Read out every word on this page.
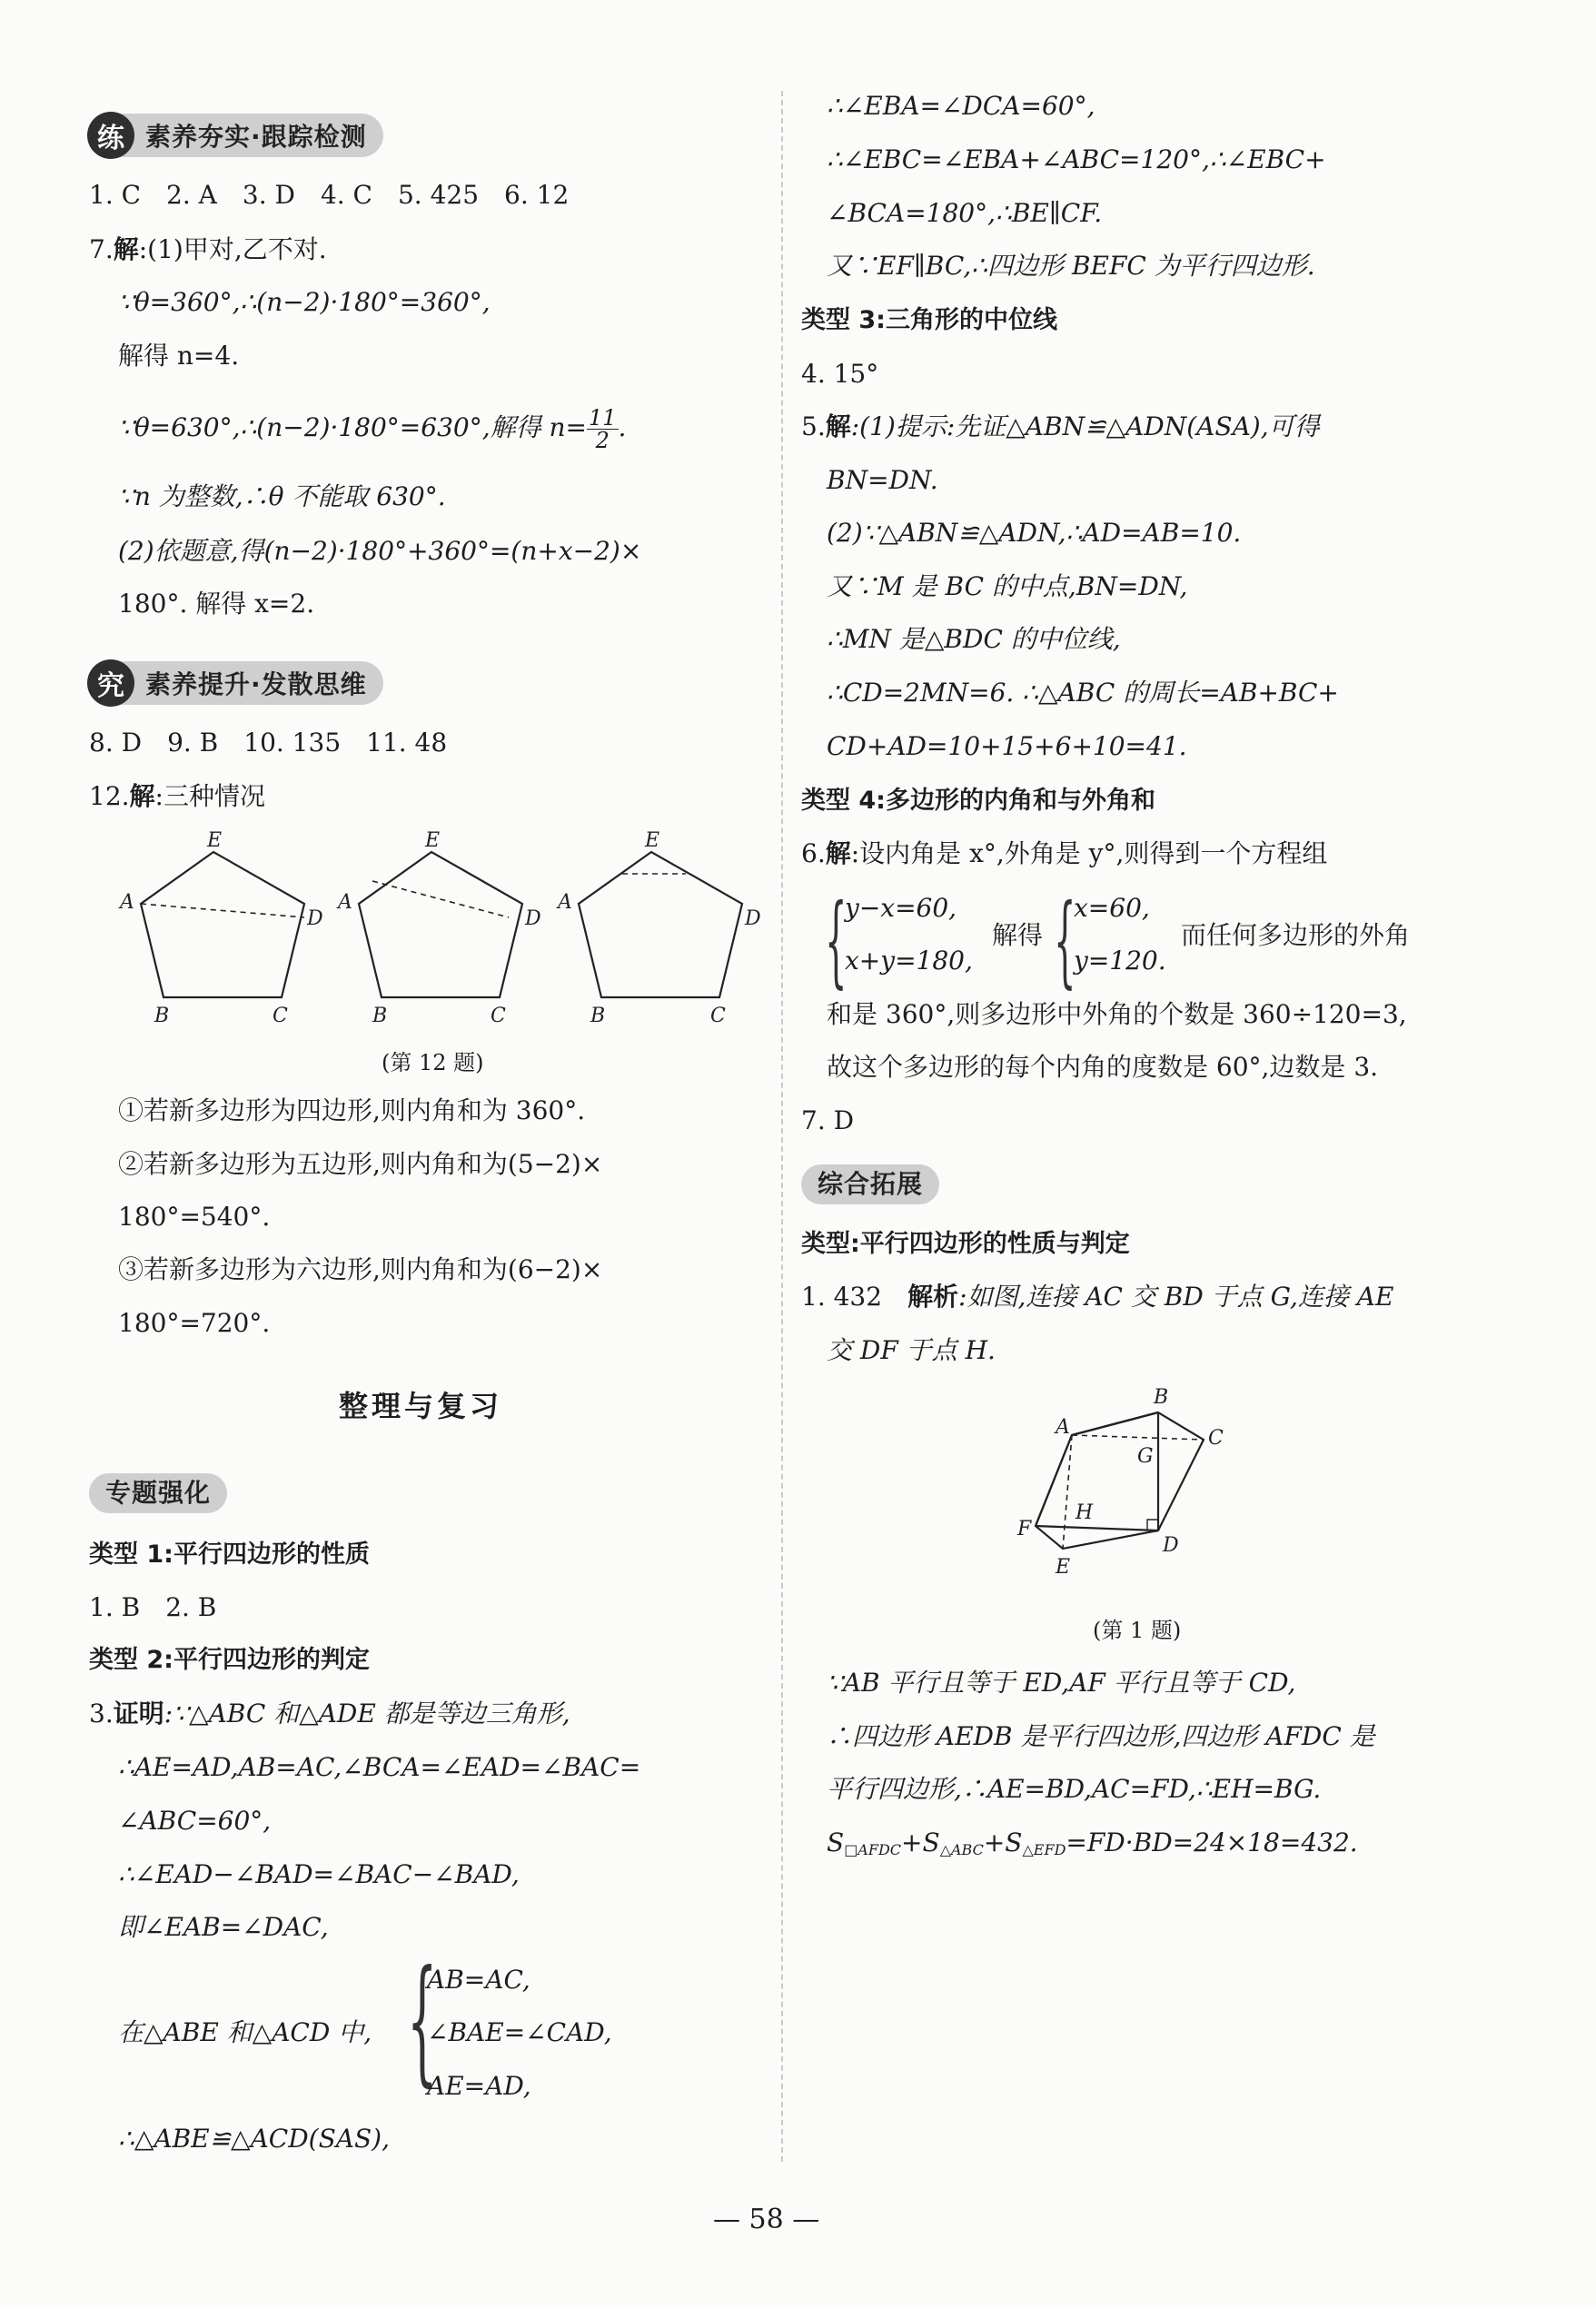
练 素养夯实·跟踪检测
1. C　2. A　3. D　4. C　5. 425　6. 12
7.解:(1)甲对,乙不对.
∵θ=360°,∴(n−2)·180°=360°,
解得 n=4.
∵θ=630°,∴(n−2)·180°=630°,解得 $n= \frac{11}{2}$ .
∵n 为整数,∴θ 不能取 630°.
(2)依题意,得(n−2)·180°+360°=(n+x−2)×
180°. 解得 x=2.
究 素养提升·发散思维
8. D　9. B　10. 135　11. 48
12.解:三种情况
E
A
D
B	C
E
A
D
B	C
E
A
D
B	C
(第 12 题)
①若新多边形为四边形,则内角和为 360°.
②若新多边形为五边形,则内角和为(5−2)×
180°=540°.
③若新多边形为六边形,则内角和为(6−2)×
180°=720°.
整理与复习
专题强化
类型 1:平行四边形的性质
1. B　2. B
类型 2:平行四边形的判定
3.证明:∵△ABC 和△ADE 都是等边三角形,
∴AE=AD,AB=AC,∠BCA=∠EAD=∠BAC=
∠ABC=60°,
∴∠EAD−∠BAD=∠BAC−∠BAD,
即∠EAB=∠DAC,
AB=AC,
在△ABE 和△ACD 中, {
∠BAE=∠CAD,
AE=AD,
∴△ABE≌△ACD(SAS),
∴∠EBA=∠DCA=60°,
∴∠EBC=∠EBA+∠ABC=120°,∴∠EBC+
∠BCA=180°,∴BE∥CF.
又∵EF∥BC,∴四边形 BEFC 为平行四边形.
类型 3:三角形的中位线
4. 15°
5.解:(1)提示:先证△ABN≌△ADN(ASA),可得
BN=DN.
(2)∵△ABN≌△ADN,∴AD=AB=10.
又∵M 是 BC 的中点,BN=DN,
∴MN 是△BDC 的中位线,
∴CD=2MN=6. ∴△ABC 的周长=AB+BC+
CD+AD=10+15+6+10=41.
类型 4:多边形的内角和与外角和
6.解:设内角是 x°,外角是 y°,则得到一个方程组
{
y−x=60,
x+y=180,
解得 {
x=60,
y=120.
而任何多边形的外角
和是 360°,则多边形中外角的个数是 360÷120=3,
故这个多边形的每个内角的度数是 60°,边数是 3.
7. D
综合拓展
类型:平行四边形的性质与判定
1. 432　 解析:如图,连接 AC 交 BD 于点 G,连接 AE
交 DF 于点 H.
A
B
C
G
F
H
D
E
(第 1 题)
∵AB 平行且等于 ED,AF 平行且等于 CD,
∴四边形 AEDB 是平行四边形,四边形 AFDC 是
平行四边形,∴AE=BD,AC=FD,∴EH=BG.
$S_{□AFDC}+S_{\triangle ABC}+S_{\triangle EFD}=FD\cdot BD=24\times 18=432$.
— 58 —
